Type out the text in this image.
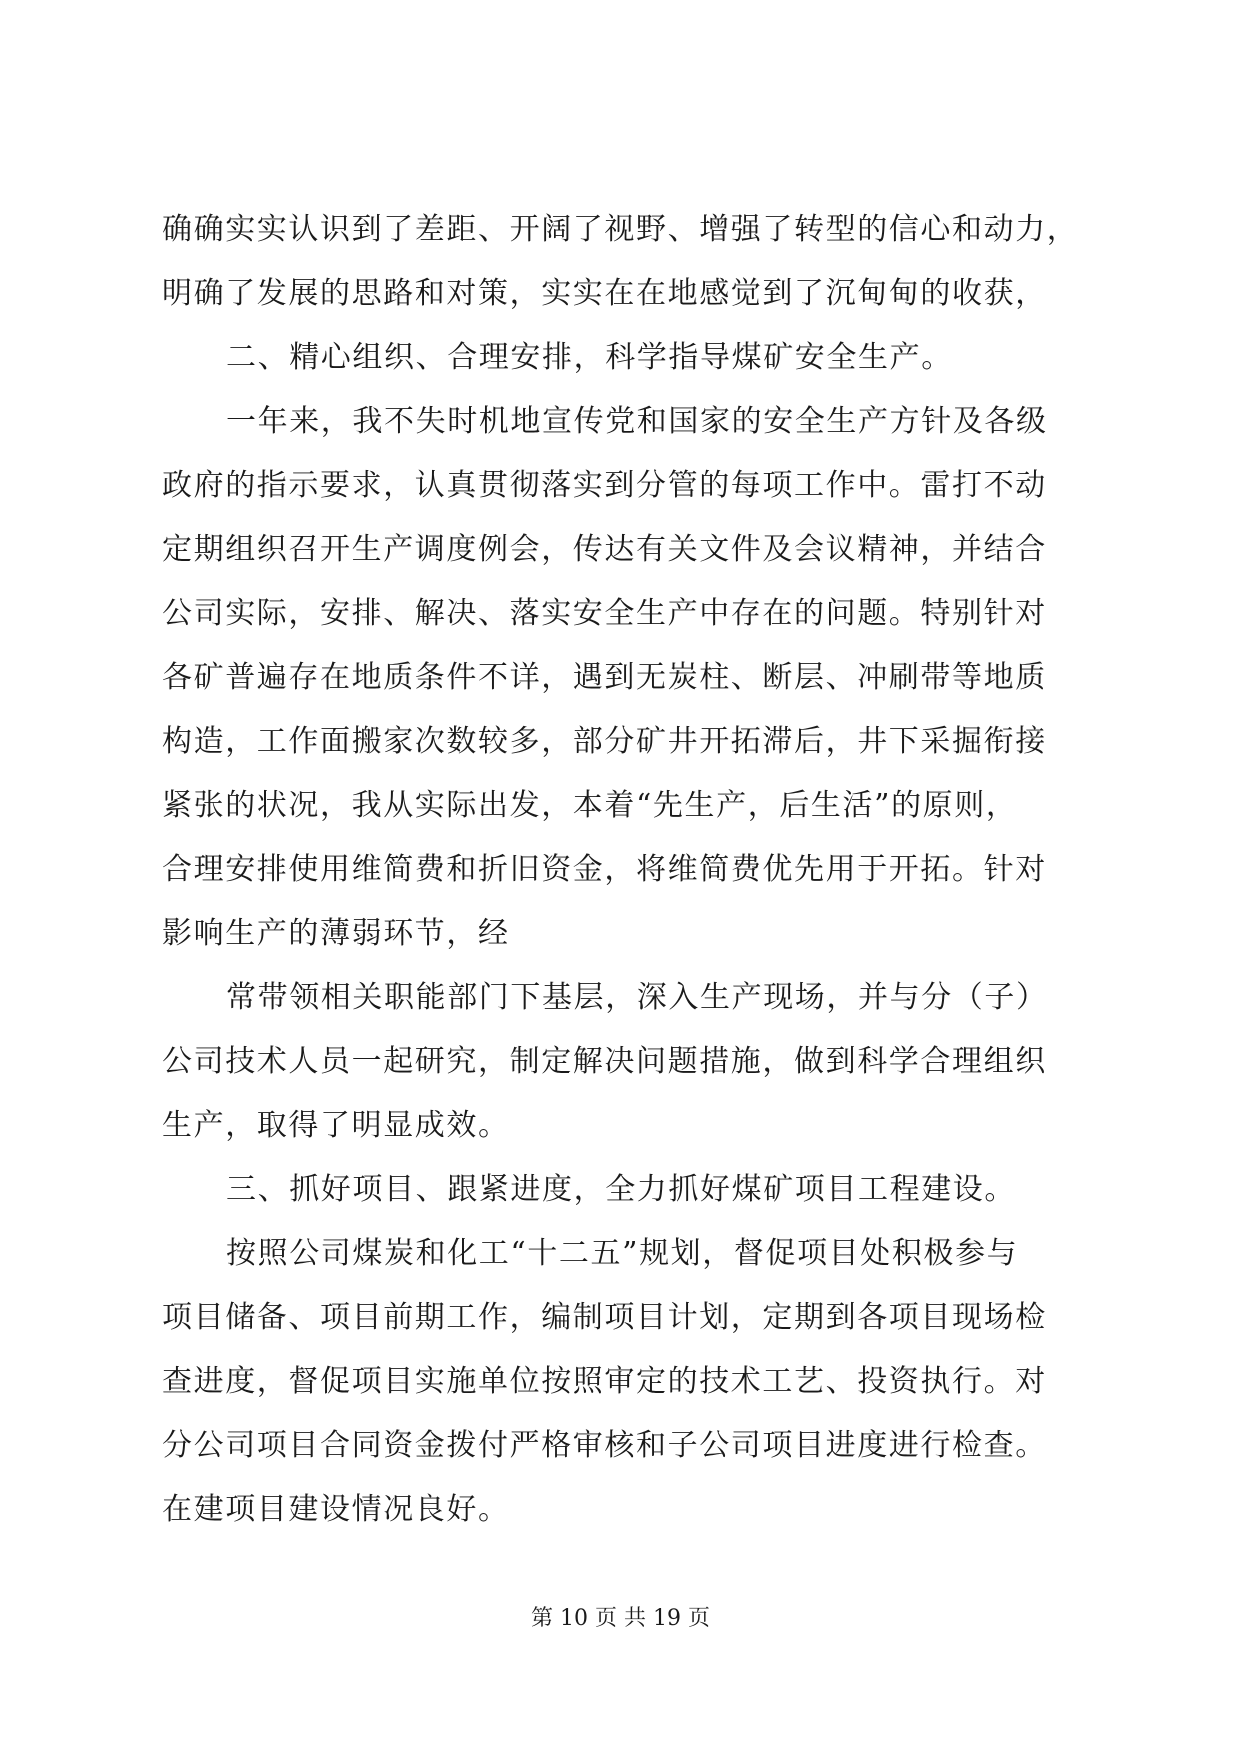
确确实实认识到了差距、开阔了视野、增强了转型的信心和动力，
明确了发展的思路和对策，实实在在地感觉到了沉甸甸的收获，
二、精心组织、合理安排，科学指导煤矿安全生产。
一年来，我不失时机地宣传党和国家的安全生产方针及各级
政府的指示要求，认真贯彻落实到分管的每项工作中。雷打不动
定期组织召开生产调度例会，传达有关文件及会议精神，并结合
公司实际，安排、解决、落实安全生产中存在的问题。特别针对
各矿普遍存在地质条件不详，遇到无炭柱、断层、冲刷带等地质
构造，工作面搬家次数较多，部分矿井开拓滞后，井下采掘衔接
紧张的状况，我从实际出发，本着“先生产，后生活”的原则，
合理安排使用维简费和折旧资金，将维简费优先用于开拓。针对
影响生产的薄弱环节，经
常带领相关职能部门下基层，深入生产现场，并与分（子）
公司技术人员一起研究，制定解决问题措施，做到科学合理组织
生产，取得了明显成效。
三、抓好项目、跟紧进度，全力抓好煤矿项目工程建设。
按照公司煤炭和化工“十二五”规划，督促项目处积极参与
项目储备、项目前期工作，编制项目计划，定期到各项目现场检
查进度，督促项目实施单位按照审定的技术工艺、投资执行。对
分公司项目合同资金拨付严格审核和子公司项目进度进行检查。
在建项目建设情况良好。
第 10 页 共 19 页
